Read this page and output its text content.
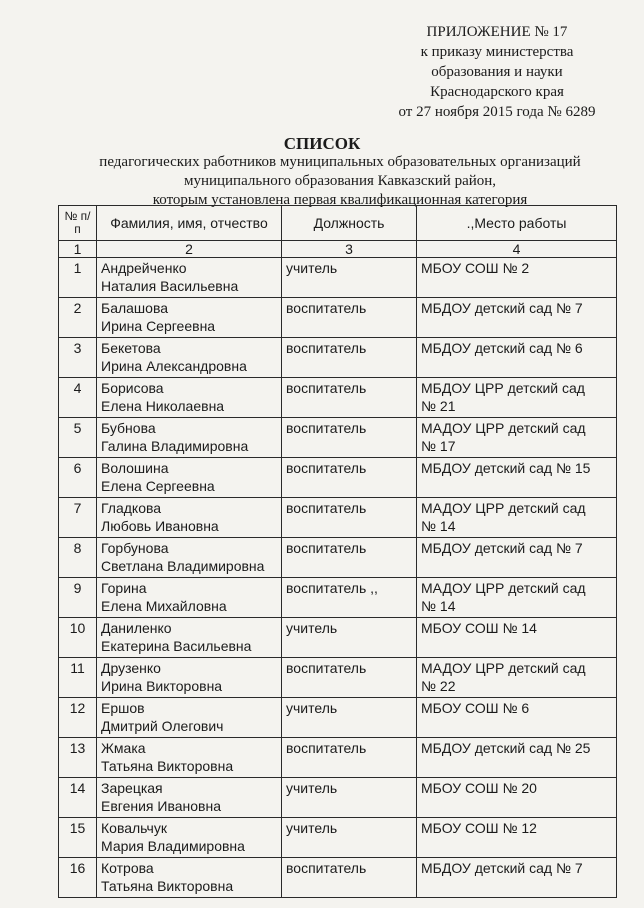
ПРИЛОЖЕНИЕ № 17
к приказу министерства
образования и науки
Краснодарского края
от 27 ноября 2015 года № 6289
СПИСОК
педагогических работников муниципальных образовательных организаций
муниципального образования Кавказский район,
которым установлена первая квалификационная категория
№ п/п	Фамилия, имя, отчество	Должность	.,Место работы
1	2	3	4
1	Андрейченко
Наталия Васильевна	учитель	МБОУ СОШ № 2

2	Балашова
Ирина Сергеевна	воспитатель	МБДОУ детский сад № 7

3	Бекетова
Ирина Александровна	воспитатель	МБДОУ детский сад № 6

4	Борисова
Елена Николаевна	воспитатель	МБДОУ ЦРР детский сад
№ 21

5	Бубнова
Галина Владимировна	воспитатель	МАДОУ ЦРР детский сад
№ 17

6	Волошина
Елена Сергеевна	воспитатель	МБДОУ детский сад № 15

7	Гладкова
Любовь Ивановна	воспитатель	МАДОУ ЦРР детский сад
№ 14

8	Горбунова
Светлана Владимировна	воспитатель	МБДОУ детский сад № 7

9	Горина
Елена Михайловна	воспитатель ,,	МАДОУ ЦРР детский сад
№ 14

10	Даниленко
Екатерина Васильевна	учитель	МБОУ СОШ № 14

11	Друзенко
Ирина Викторовна	воспитатель	МАДОУ ЦРР детский сад
№ 22

12	Ершов
Дмитрий Олегович	учитель	МБОУ СОШ № 6

13	Жмака
Татьяна Викторовна	воспитатель	МБДОУ детский сад № 25

14	Зарецкая
Евгения Ивановна	учитель	МБОУ СОШ № 20

15	Ковальчук
Мария Владимировна	учитель	МБОУ СОШ № 12

16	Котрова
Татьяна Викторовна	воспитатель	МБДОУ детский сад № 7
